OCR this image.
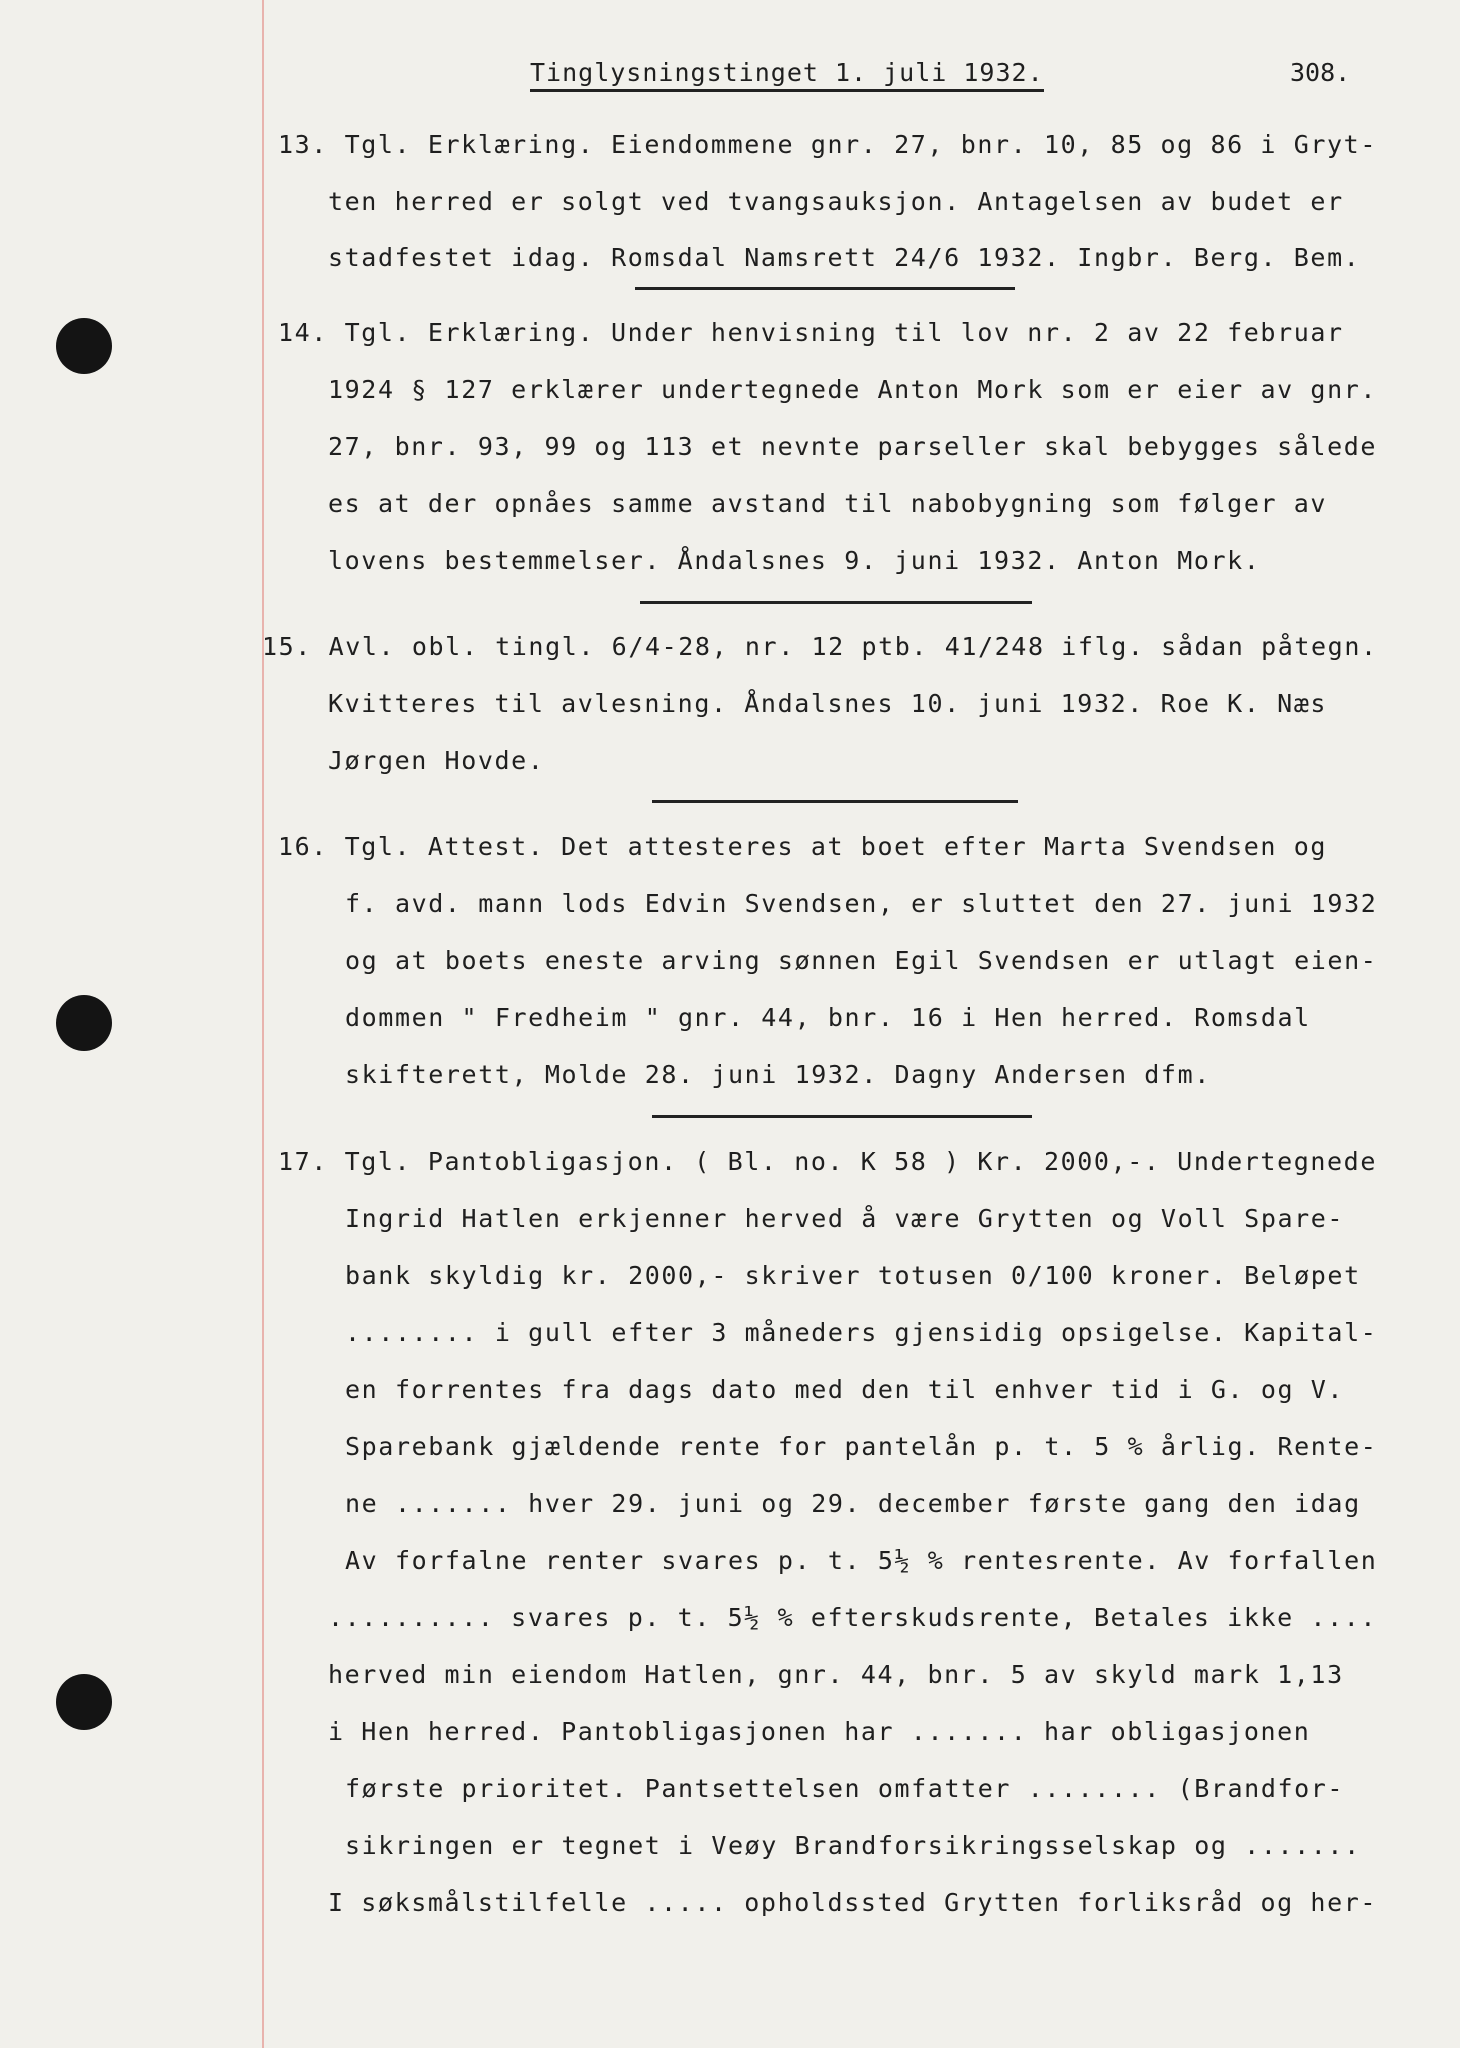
Tinglysningstinget 1. juli 1932.	308.
13. Tgl. Erklæring. Eiendommene gnr. 27, bnr. 10, 85 og 86 i Gryt-
ten herred er solgt ved tvangsauksjon. Antagelsen av budet er
stadfestet idag. Romsdal Namsrett 24/6 1932. Ingbr. Berg. Bem.
14. Tgl. Erklæring. Under henvisning til lov nr. 2 av 22 februar
1924 § 127 erklærer undertegnede Anton Mork som er eier av gnr.
27, bnr. 93, 99 og 113 et nevnte parseller skal bebygges sålede
es at der opnåes samme avstand til nabobygning som følger av
lovens bestemmelser. Åndalsnes 9. juni 1932. Anton Mork.
15. Avl. obl. tingl. 6/4-28, nr. 12 ptb. 41/248 iflg. sådan påtegn.
Kvitteres til avlesning. Åndalsnes 10. juni 1932. Roe K. Næs
Jørgen Hovde.
16. Tgl. Attest. Det attesteres at boet efter Marta Svendsen og
f. avd. mann lods Edvin Svendsen, er sluttet den 27. juni 1932
og at boets eneste arving sønnen Egil Svendsen er utlagt eien-
dommen " Fredheim " gnr. 44, bnr. 16 i Hen herred. Romsdal
skifterett, Molde 28. juni 1932. Dagny Andersen dfm.
17. Tgl. Pantobligasjon. ( Bl. no. K 58 ) Kr. 2000,-. Undertegnede
Ingrid Hatlen erkjenner herved å være Grytten og Voll Spare-
bank skyldig kr. 2000,- skriver totusen 0/100 kroner. Beløpet
........ i gull efter 3 måneders gjensidig opsigelse. Kapital-
en forrentes fra dags dato med den til enhver tid i G. og V.
Sparebank gjældende rente for pantelån p. t. 5 % årlig. Rente-
ne ....... hver 29. juni og 29. december første gang den idag
Av forfalne renter svares p. t. 5½ % rentesrente. Av forfallen
.......... svares p. t. 5½ % efterskudsrente, Betales ikke ....
herved min eiendom Hatlen, gnr. 44, bnr. 5 av skyld mark 1,13
i Hen herred. Pantobligasjonen har ....... har obligasjonen
første prioritet. Pantsettelsen omfatter ........ (Brandfor-
sikringen er tegnet i Veøy Brandforsikringsselskap og .......
I søksmålstilfelle ..... opholdssted Grytten forliksråd og her-
